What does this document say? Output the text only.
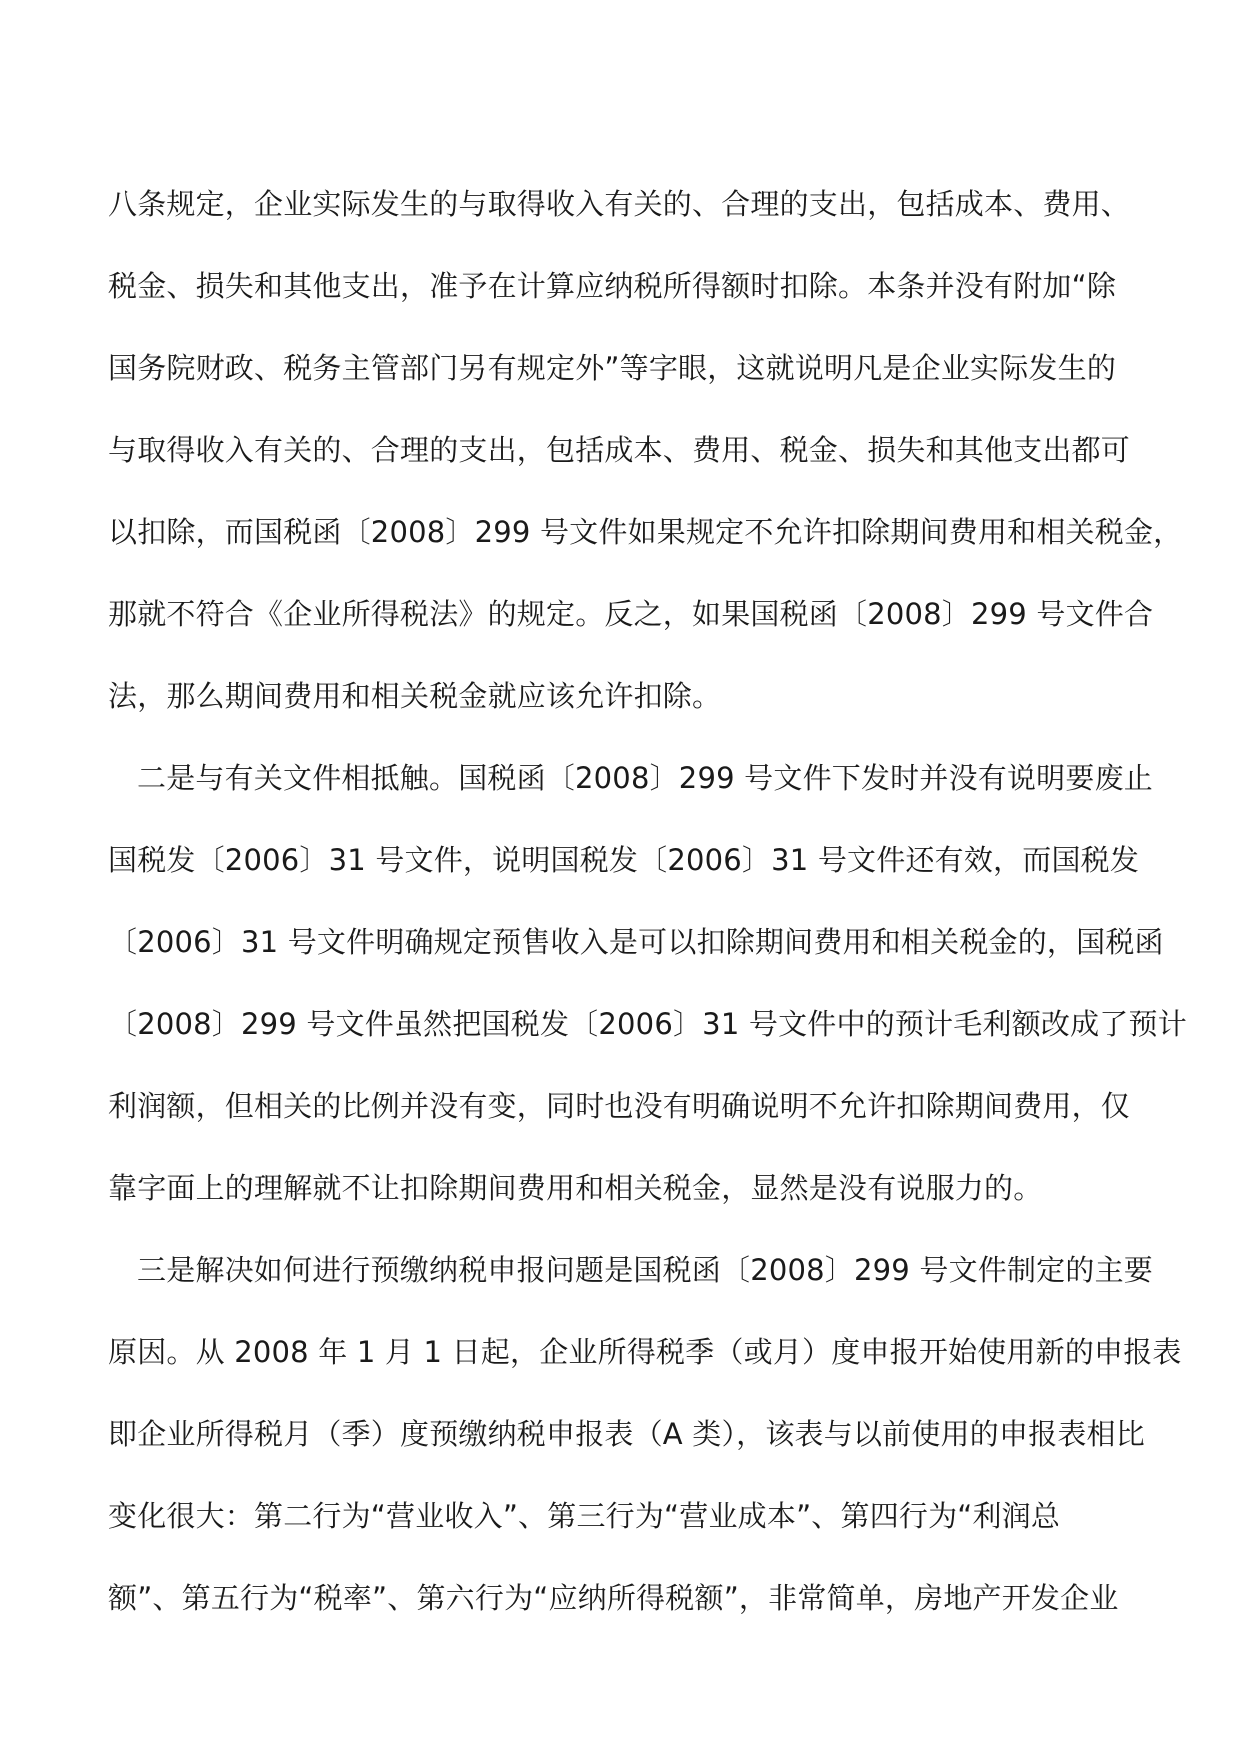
八条规定，企业实际发生的与取得收入有关的、合理的支出，包括成本、费用、
税金、损失和其他支出，准予在计算应纳税所得额时扣除。本条并没有附加“除
国务院财政、税务主管部门另有规定外”等字眼，这就说明凡是企业实际发生的
与取得收入有关的、合理的支出，包括成本、费用、税金、损失和其他支出都可
以扣除，而国税函〔2008〕299 号文件如果规定不允许扣除期间费用和相关税金，
那就不符合《企业所得税法》的规定。反之，如果国税函〔2008〕299 号文件合
法，那么期间费用和相关税金就应该允许扣除。
二是与有关文件相抵触。国税函〔2008〕299 号文件下发时并没有说明要废止
国税发〔2006〕31 号文件，说明国税发〔2006〕31 号文件还有效，而国税发
〔2006〕31 号文件明确规定预售收入是可以扣除期间费用和相关税金的，国税函
〔2008〕299 号文件虽然把国税发〔2006〕31 号文件中的预计毛利额改成了预计
利润额，但相关的比例并没有变，同时也没有明确说明不允许扣除期间费用，仅
靠字面上的理解就不让扣除期间费用和相关税金，显然是没有说服力的。
三是解决如何进行预缴纳税申报问题是国税函〔2008〕299 号文件制定的主要
原因。从 2008 年 1 月 1 日起，企业所得税季（或月）度申报开始使用新的申报表
即企业所得税月（季）度预缴纳税申报表（A 类），该表与以前使用的申报表相比
变化很大：第二行为“营业收入”、第三行为“营业成本”、第四行为“利润总
额”、第五行为“税率”、第六行为“应纳所得税额”，非常简单，房地产开发企业
